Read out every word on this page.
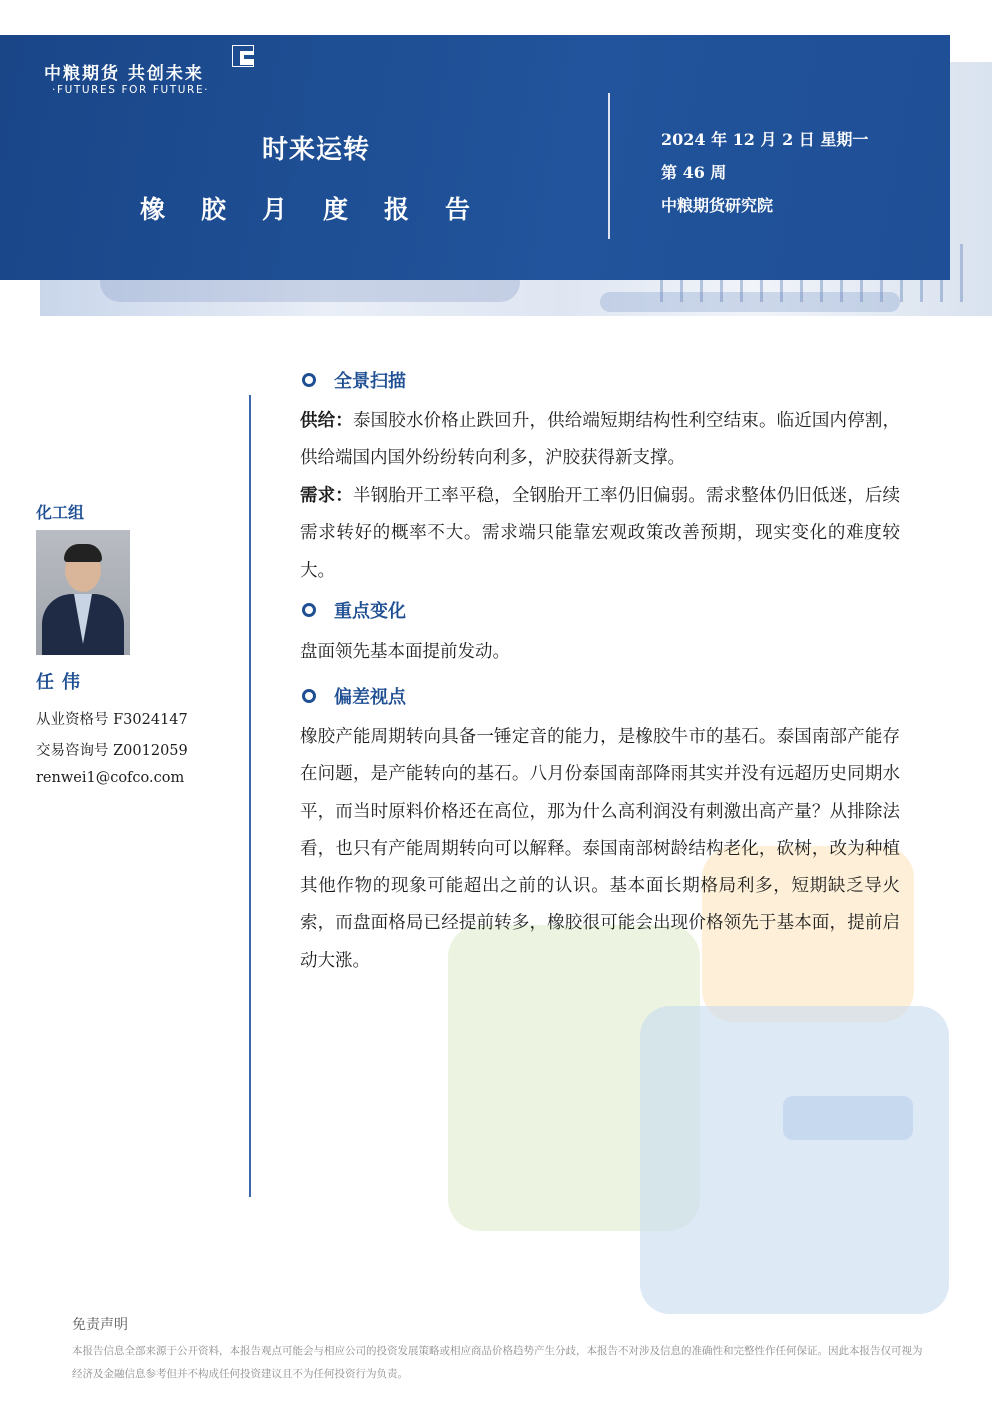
中粮期货 共创未来
·FUTURES FOR FUTURE·
时来运转
橡胶月度报告
2024 年 12 月 2 日 星期一
第 46 周
中粮期货研究院
化工组
任伟
从业资格号 F3024147
交易咨询号 Z0012059
renwei1@cofco.com
全景扫描
供给：泰国胶水价格止跌回升，供给端短期结构性利空结束。临近国内停割，供给端国内国外纷纷转向利多，沪胶获得新支撑。
需求：半钢胎开工率平稳，全钢胎开工率仍旧偏弱。需求整体仍旧低迷，后续需求转好的概率不大。需求端只能靠宏观政策改善预期，现实变化的难度较大。
重点变化
盘面领先基本面提前发动。
偏差视点
橡胶产能周期转向具备一锤定音的能力，是橡胶牛市的基石。泰国南部产能存在问题，是产能转向的基石。八月份泰国南部降雨其实并没有远超历史同期水平，而当时原料价格还在高位，那为什么高利润没有刺激出高产量？从排除法看，也只有产能周期转向可以解释。泰国南部树龄结构老化，砍树，改为种植其他作物的现象可能超出之前的认识。基本面长期格局利多，短期缺乏导火索，而盘面格局已经提前转多，橡胶很可能会出现价格领先于基本面，提前启动大涨。
免责声明
本报告信息全部来源于公开资料，本报告观点可能会与相应公司的投资发展策略或相应商品价格趋势产生分歧，本报告不对涉及信息的准确性和完整性作任何保证。因此本报告仅可视为经济及金融信息参考但并不构成任何投资建议且不为任何投资行为负责。
